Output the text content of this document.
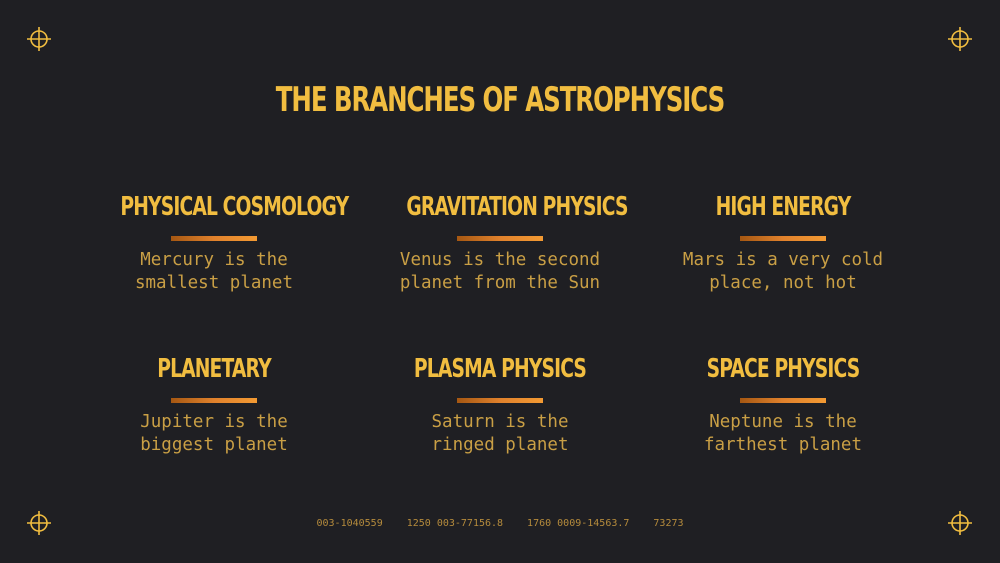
THE BRANCHES OF ASTROPHYSICS
PHYSICAL COSMOLOGY
Mercury is the
smallest planet
GRAVITATION PHYSICS
Venus is the second
planet from the Sun
HIGH ENERGY
Mars is a very cold
place, not hot
PLANETARY
Jupiter is the
biggest planet
PLASMA PHYSICS
Saturn is the
ringed planet
SPACE PHYSICS
Neptune is the
farthest planet
003-1040559 1250 003-77156.8 1760 0009-14563.7 73273
